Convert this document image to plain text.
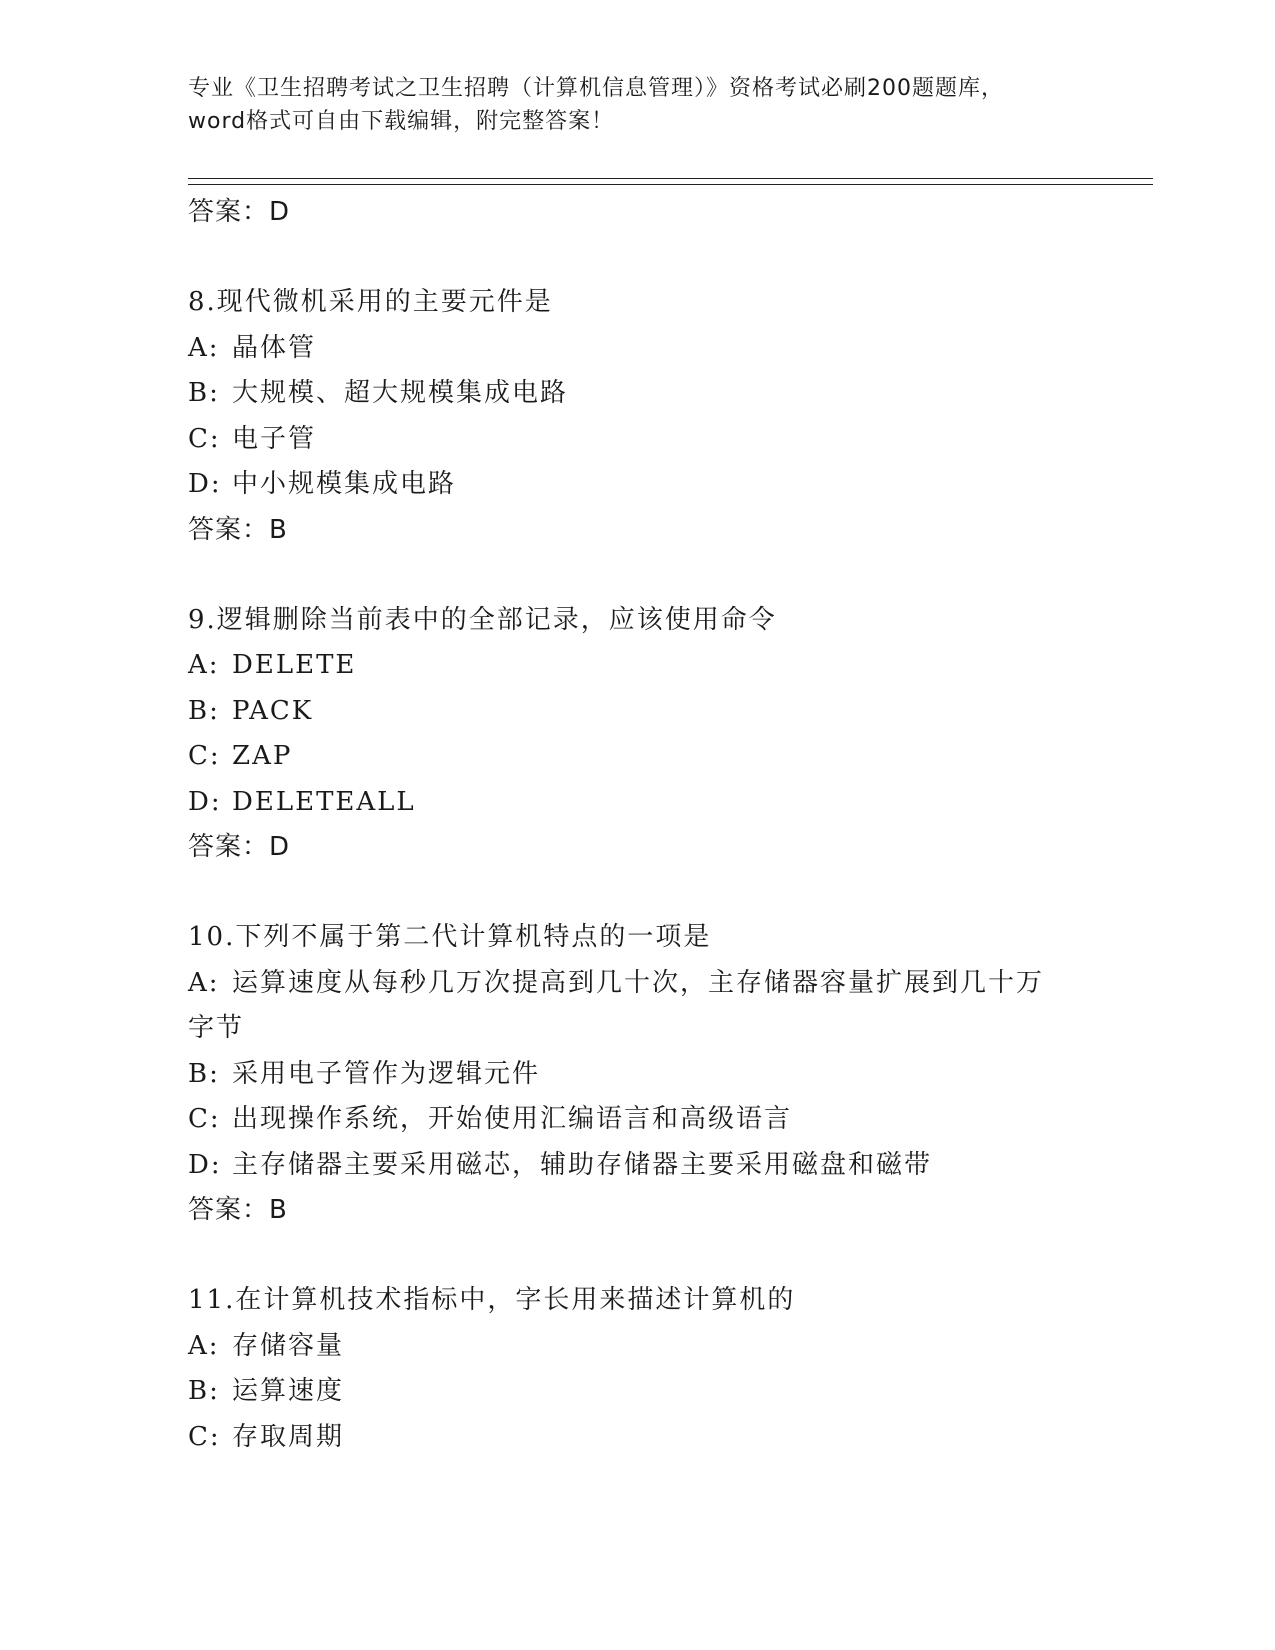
专业《卫生招聘考试之卫生招聘（计算机信息管理）》资格考试必刷200题题库，
word格式可自由下载编辑，附完整答案！
答案：D
8.现代微机采用的主要元件是
A: 晶体管
B: 大规模、超大规模集成电路
C: 电子管
D: 中小规模集成电路
答案：B
9.逻辑删除当前表中的全部记录，应该使用命令
A: DELETE
B: PACK
C: ZAP
D: DELETEALL
答案：D
10.下列不属于第二代计算机特点的一项是
A: 运算速度从每秒几万次提高到几十次，主存储器容量扩展到几十万
字节
B: 采用电子管作为逻辑元件
C: 出现操作系统，开始使用汇编语言和高级语言
D: 主存储器主要采用磁芯，辅助存储器主要采用磁盘和磁带
答案：B
11.在计算机技术指标中，字长用来描述计算机的
A: 存储容量
B: 运算速度
C: 存取周期
